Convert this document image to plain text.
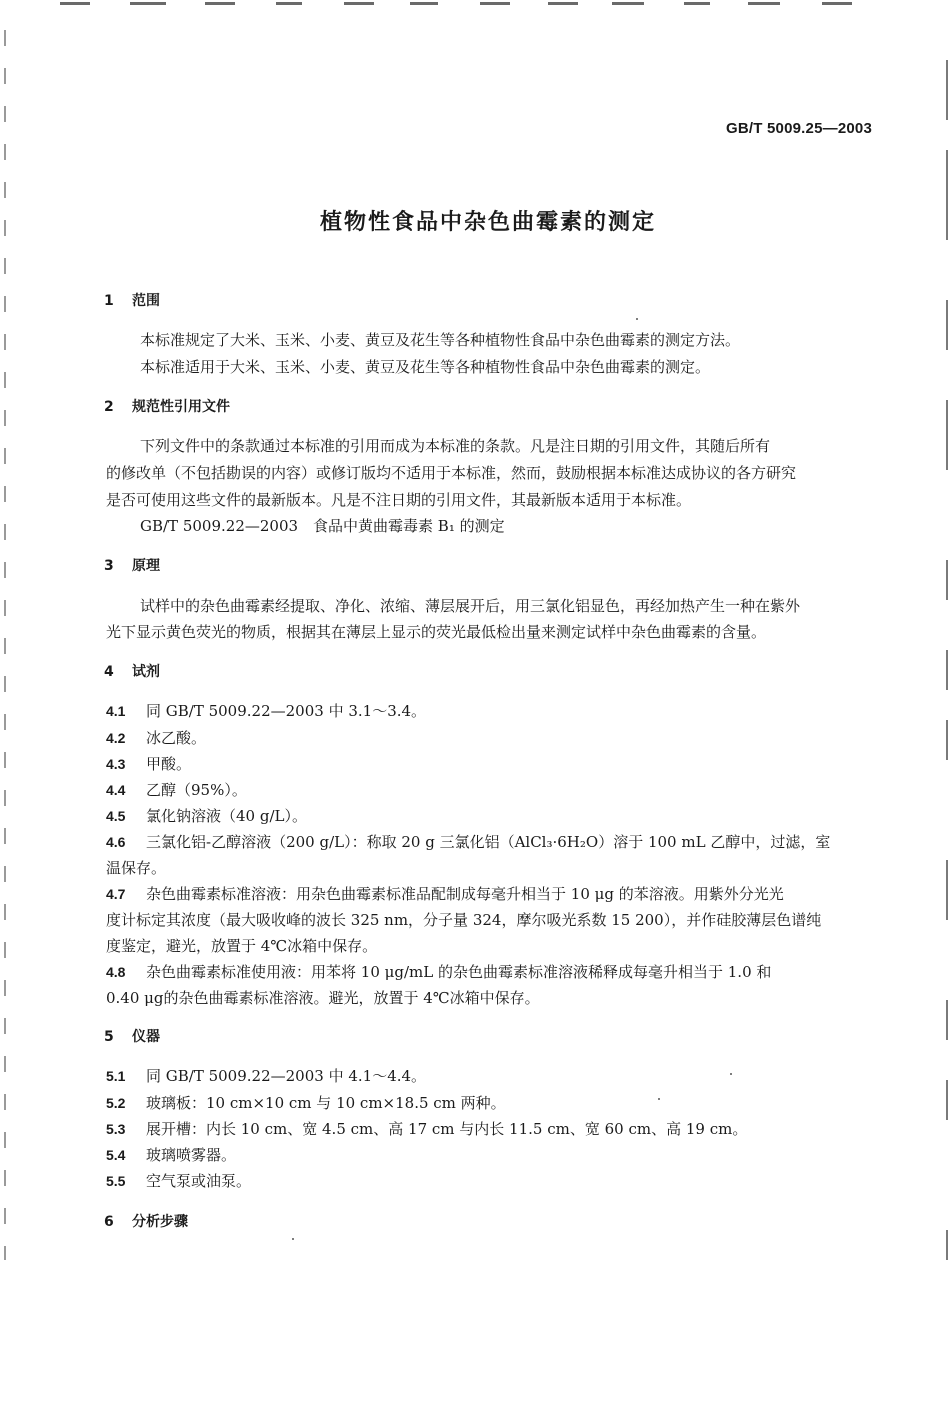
GB/T 5009.25—2003
植物性食品中杂色曲霉素的测定
1 范围
本标准规定了大米、玉米、小麦、黄豆及花生等各种植物性食品中杂色曲霉素的测定方法。
本标准适用于大米、玉米、小麦、黄豆及花生等各种植物性食品中杂色曲霉素的测定。
2 规范性引用文件
下列文件中的条款通过本标准的引用而成为本标准的条款。凡是注日期的引用文件，其随后所有
的修改单（不包括勘误的内容）或修订版均不适用于本标准，然而，鼓励根据本标准达成协议的各方研究
是否可使用这些文件的最新版本。凡是不注日期的引用文件，其最新版本适用于本标准。
GB/T 5009.22—2003　食品中黄曲霉毒素 B₁ 的测定
3 原理
试样中的杂色曲霉素经提取、净化、浓缩、薄层展开后，用三氯化铝显色，再经加热产生一种在紫外
光下显示黄色荧光的物质，根据其在薄层上显示的荧光最低检出量来测定试样中杂色曲霉素的含量。
4 试剂
4.1 同 GB/T 5009.22—2003 中 3.1～3.4。
4.2 冰乙酸。
4.3 甲酸。
4.4 乙醇（95%）。
4.5 氯化钠溶液（40 g/L）。
4.6 三氯化铝-乙醇溶液（200 g/L）：称取 20 g 三氯化铝（AlCl₃·6H₂O）溶于 100 mL 乙醇中，过滤，室
温保存。
4.7 杂色曲霉素标准溶液：用杂色曲霉素标准品配制成每毫升相当于 10 μg 的苯溶液。用紫外分光光
度计标定其浓度（最大吸收峰的波长 325 nm，分子量 324，摩尔吸光系数 15 200），并作硅胶薄层色谱纯
度鉴定，避光，放置于 4℃冰箱中保存。
4.8 杂色曲霉素标准使用液：用苯将 10 μg/mL 的杂色曲霉素标准溶液稀释成每毫升相当于 1.0 和
0.40 μg的杂色曲霉素标准溶液。避光，放置于 4℃冰箱中保存。
5 仪器
5.1 同 GB/T 5009.22—2003 中 4.1～4.4。
5.2 玻璃板：10 cm×10 cm 与 10 cm×18.5 cm 两种。
5.3 展开槽：内长 10 cm、宽 4.5 cm、高 17 cm 与内长 11.5 cm、宽 60 cm、高 19 cm。
5.4 玻璃喷雾器。
5.5 空气泵或油泵。
6 分析步骤
